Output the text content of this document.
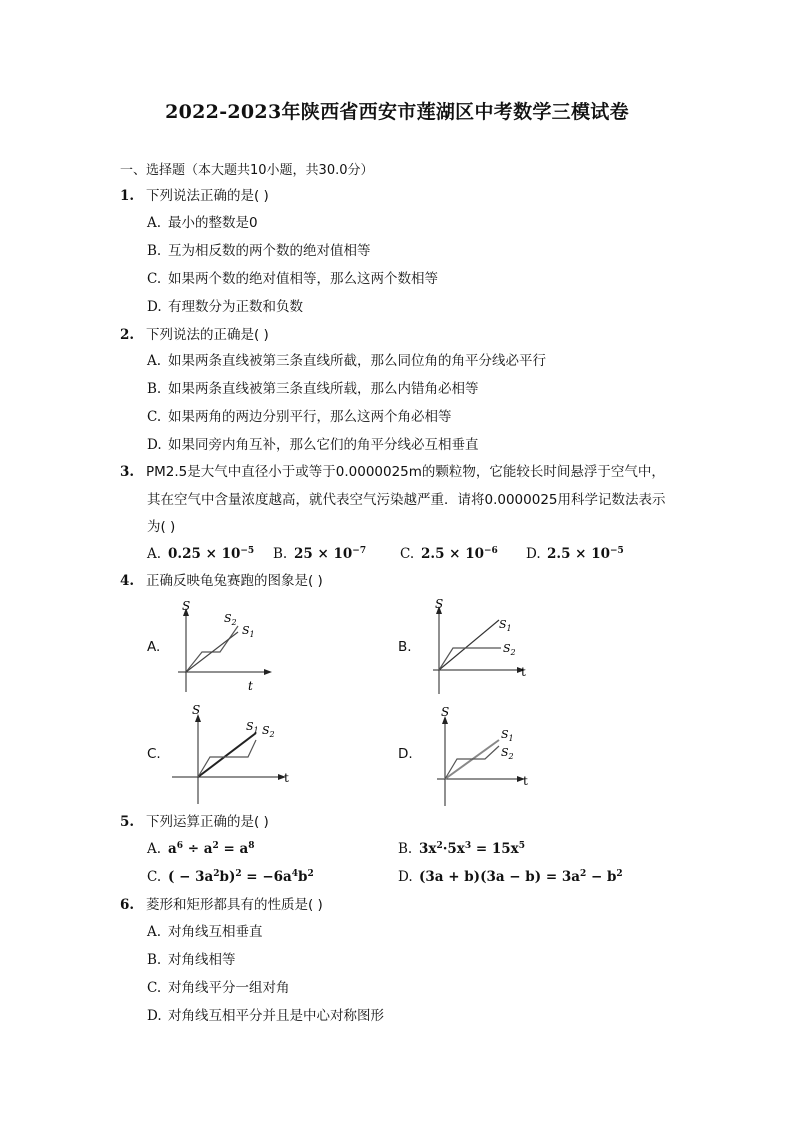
2022-2023年陕西省西安市莲湖区中考数学三模试卷
一、选择题（本大题共10小题，共30.0分）
1. 下列说法正确的是( )
A. 最小的整数是0
B. 互为相反数的两个数的绝对值相等
C. 如果两个数的绝对值相等，那么这两个数相等
D. 有理数分为正数和负数
2. 下列说法的正确是( )
A. 如果两条直线被第三条直线所截，那么同位角的角平分线必平行
B. 如果两条直线被第三条直线所载，那么内错角必相等
C. 如果两角的两边分别平行，那么这两个角必相等
D. 如果同旁内角互补，那么它们的角平分线必互相垂直
3. PM2.5是大气中直径小于或等于0.0000025m的颗粒物，它能较长时间悬浮于空气中，
其在空气中含量浓度越高，就代表空气污染越严重．请将0.0000025用科学记数法表示
为( )
A. $0.25 \times 10^{-5}$ B. $25 \times 10^{-7}$	C. $2.5 \times 10^{-6}$ D. $2.5 \times 10^{-5}$
4. 正确反映龟兔赛跑的图象是( )
A.
S
t
$S_2$
$S_1$
B.
S
t
$S_1$
$S_2$
C.
S
t
$S_1$ $S_2$
D.
S
t
$S_1$
$S_2$
5. 下列运算正确的是( )
A. $a^6 \div a^2 = a^8$	B. $3x^2\cdot 5x^3 = 15x^5$
C. ( − $3a^2b)^2 = -6a^4b^2$	D. $(3a + b)(3a - b) = 3a^2 - b^2$
6. 菱形和矩形都具有的性质是( )
A. 对角线互相垂直
B. 对角线相等
C. 对角线平分一组对角
D. 对角线互相平分并且是中心对称图形
